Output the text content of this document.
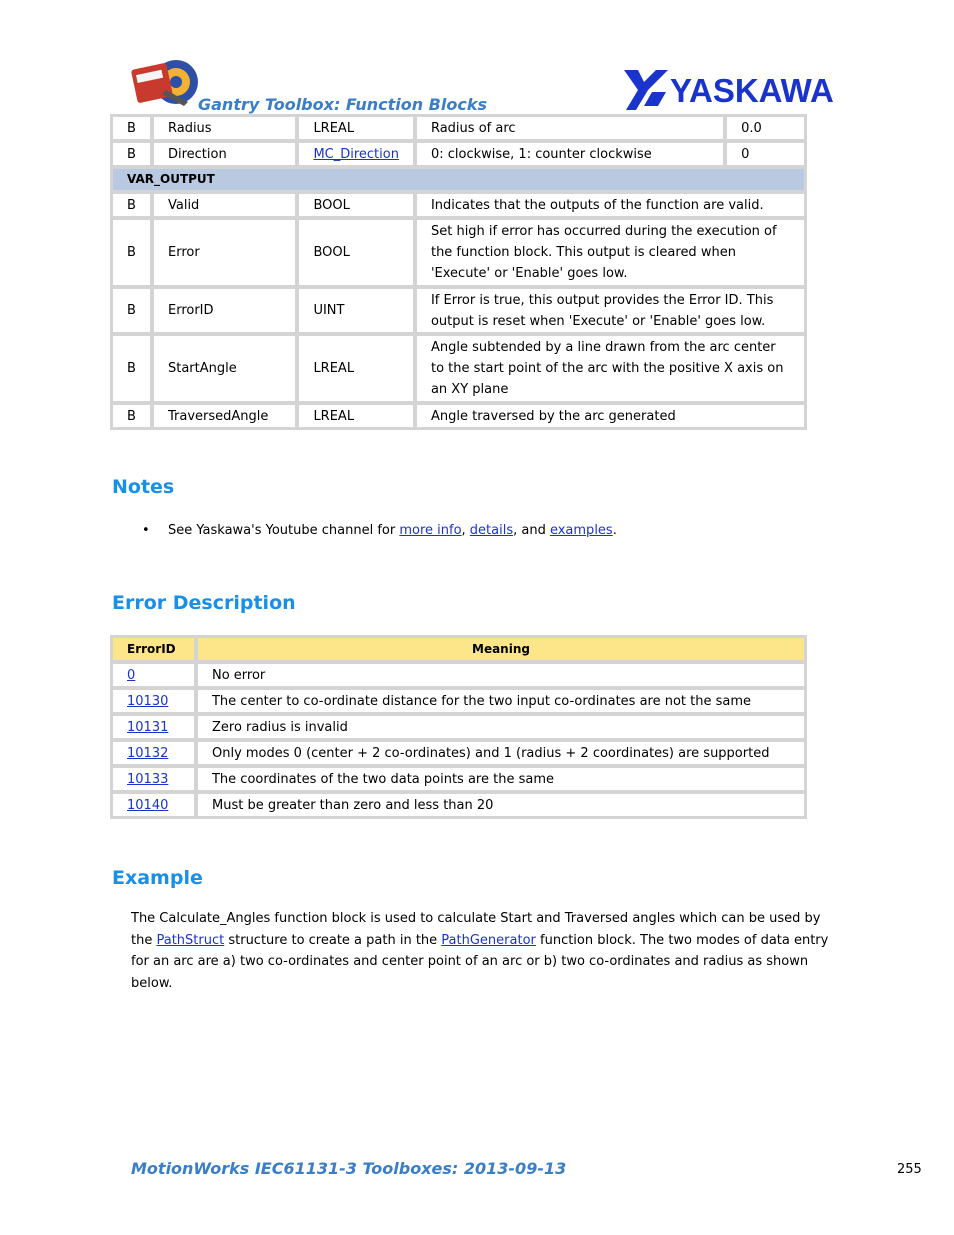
Gantry Toolbox: Function Blocks	YASKAWA
B	Radius	LREAL	Radius of arc	0.0
B	Direction	MC_Direction	0: clockwise, 1: counter clockwise	0
VAR_OUTPUT				
B	Valid	BOOL	Indicates that the outputs of the function are valid.	
B	Error	BOOL	Set high if error has occurred during the execution of the function block. This output is cleared when 'Execute' or 'Enable' goes low.	
B	ErrorID	UINT	If Error is true, this output provides the Error ID. This output is reset when 'Execute' or 'Enable' goes low.	
B	StartAngle	LREAL	Angle subtended by a line drawn from the arc center to the start point of the arc with the positive X axis on an XY plane	
B	TraversedAngle	LREAL	Angle traversed by the arc generated	
Notes
• See Yaskawa's Youtube channel for more info, details, and examples.
Error Description
ErrorID	Meaning
0	No error
10130	The center to co-ordinate distance for the two input co-ordinates are not the same
10131	Zero radius is invalid
10132	Only modes 0 (center + 2 co-ordinates) and 1 (radius + 2 coordinates) are supported
10133	The coordinates of the two data points are the same
10140	Must be greater than zero and less than 20
Example
The Calculate_Angles function block is used to calculate Start and Traversed angles which can be used by the PathStruct structure to create a path in the PathGenerator function block. The two modes of data entry for an arc are a) two co-ordinates and center point of an arc or b) two co-ordinates and radius as shown below.
MotionWorks IEC61131-3 Toolboxes: 2013-09-13	255
